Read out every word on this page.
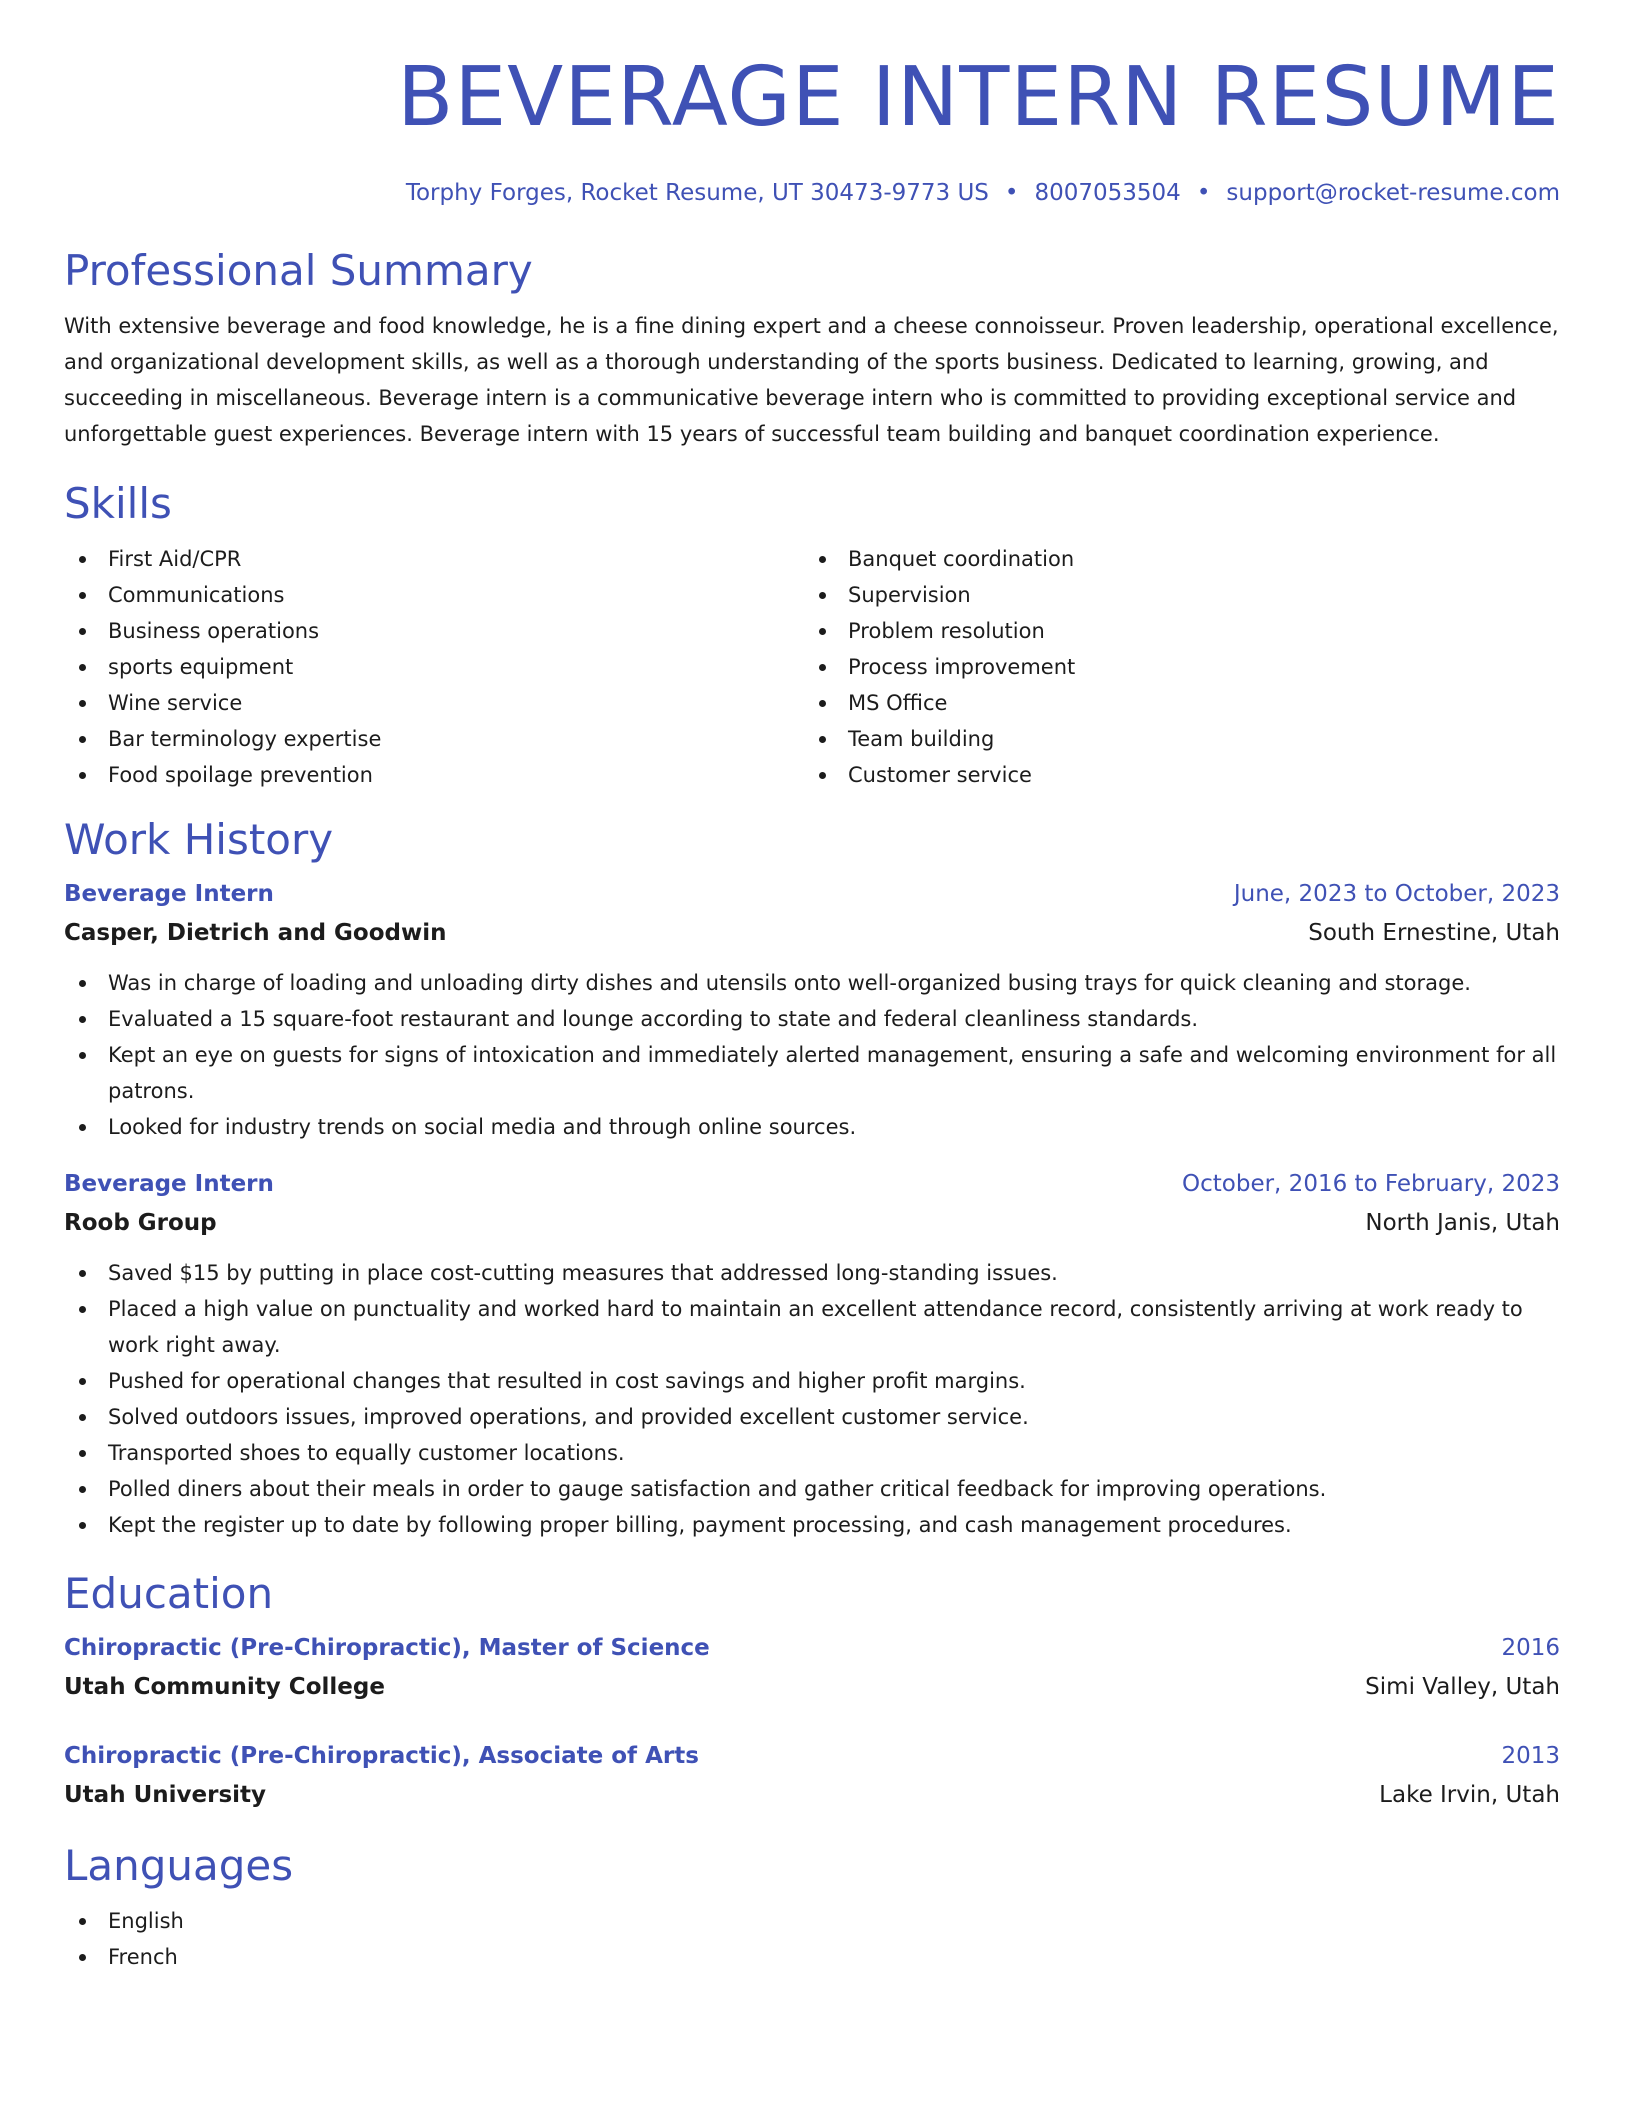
BEVERAGE INTERN RESUME
Torphy Forges, Rocket Resume, UT 30473-9773 US • 8007053504 • support@rocket-resume.com
Professional Summary

With extensive beverage and food knowledge, he is a fine dining expert and a cheese connoisseur. Proven leadership, operational excellence, and organizational development skills, as well as a thorough understanding of the sports business. Dedicated to learning, growing, and succeeding in miscellaneous. Beverage intern is a communicative beverage intern who is committed to providing exceptional service and unforgettable guest experiences. Beverage intern with 15 years of successful team building and banquet coordination experience.

Skills
First Aid/CPR
Communications
Business operations
sports equipment
Wine service
Bar terminology expertise
Food spoilage prevention
Banquet coordination
Supervision
Problem resolution
Process improvement
MS Office
Team building
Customer service
Work History
Beverage Intern	June, 2023 to October, 2023
Casper, Dietrich and Goodwin	South Ernestine, Utah
Was in charge of loading and unloading dirty dishes and utensils onto well-organized busing trays for quick cleaning and storage.
Evaluated a 15 square-foot restaurant and lounge according to state and federal cleanliness standards.
Kept an eye on guests for signs of intoxication and immediately alerted management, ensuring a safe and welcoming environment for all patrons.
Looked for industry trends on social media and through online sources.
Beverage Intern	October, 2016 to February, 2023
Roob Group	North Janis, Utah
Saved $15 by putting in place cost-cutting measures that addressed long-standing issues.
Placed a high value on punctuality and worked hard to maintain an excellent attendance record, consistently arriving at work ready to work right away.
Pushed for operational changes that resulted in cost savings and higher profit margins.
Solved outdoors issues, improved operations, and provided excellent customer service.
Transported shoes to equally customer locations.
Polled diners about their meals in order to gauge satisfaction and gather critical feedback for improving operations.
Kept the register up to date by following proper billing, payment processing, and cash management procedures.
Education
Chiropractic (Pre-Chiropractic), Master of Science	2016
Utah Community College	Simi Valley, Utah
Chiropractic (Pre-Chiropractic), Associate of Arts	2013
Utah University	Lake Irvin, Utah
Languages
English
French
